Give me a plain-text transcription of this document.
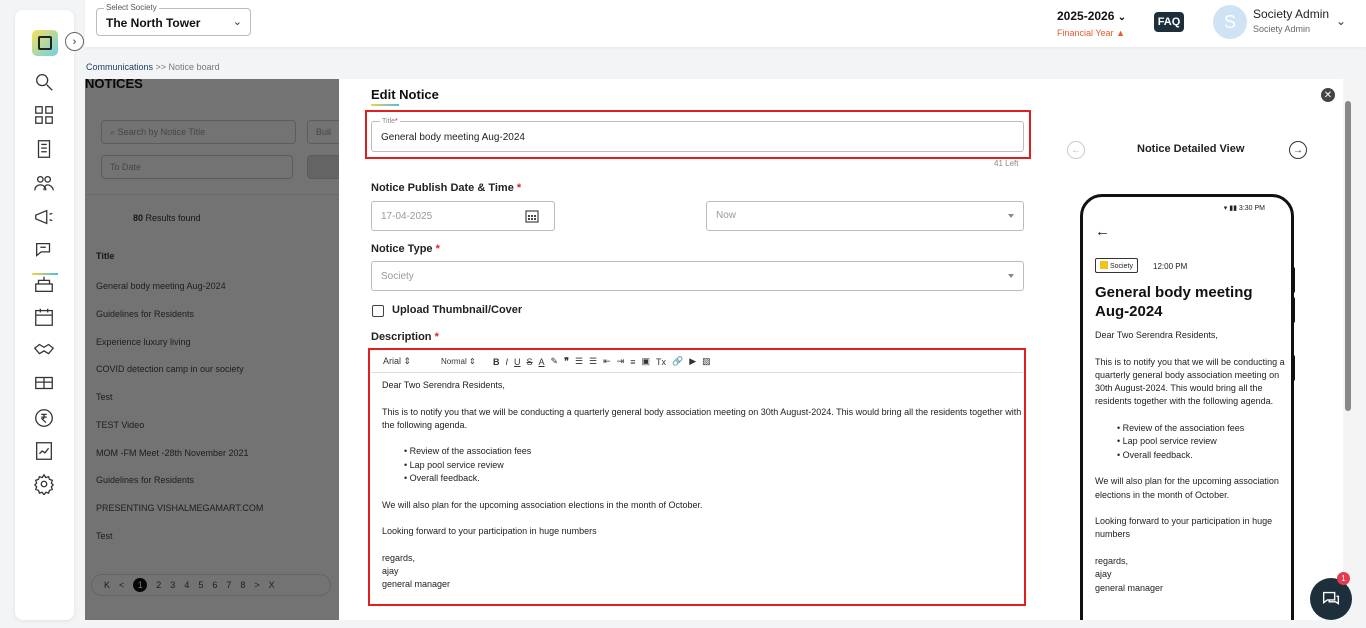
›
Select Society
The North Tower	⌄	2025-2026 ⌄
Financial Year ▲
FAQ	S	Society Admin
Society Admin
⌄
Communications >> Notice board
Edit Notice	✕
Title*
General body meeting Aug-2024
41 Left
Notice Publish Date & Time *
17-04-2025	Now
Notice Type *
Society
Upload Thumbnail/Cover
Description *
Arial ⇕	Normal ⇕	B I U S A ✎ ❞ ☰ ☰ ⇤ ⇥ ≡ ▣ Tx 🔗 ▶ ▨

Dear Two Serendra Residents,

This is to notify you that we will be conducting a quarterly general body association meeting on 30th August-2024. This would bring all the residents together with the following agenda.

• Review of the association fees
• Lap pool service review
• Overall feedback.

We will also plan for the upcoming association elections in the month of October.

Looking forward to your participation in huge numbers

regards,

ajay

general manager

←	Notice Detailed View	→
▾ ▮▮ 3:30 PM
←
Society	12:00 PM
General body meeting Aug-2024

Dear Two Serendra Residents,

This is to notify you that we will be conducting a quarterly general body association meeting on 30th August-2024. This would bring all the residents together with the following agenda.

• Review of the association fees
• Lap pool service review
• Overall feedback.

We will also plan for the upcoming association elections in the month of October.

Looking forward to your participation in huge numbers

regards,

ajay

general manager

1
